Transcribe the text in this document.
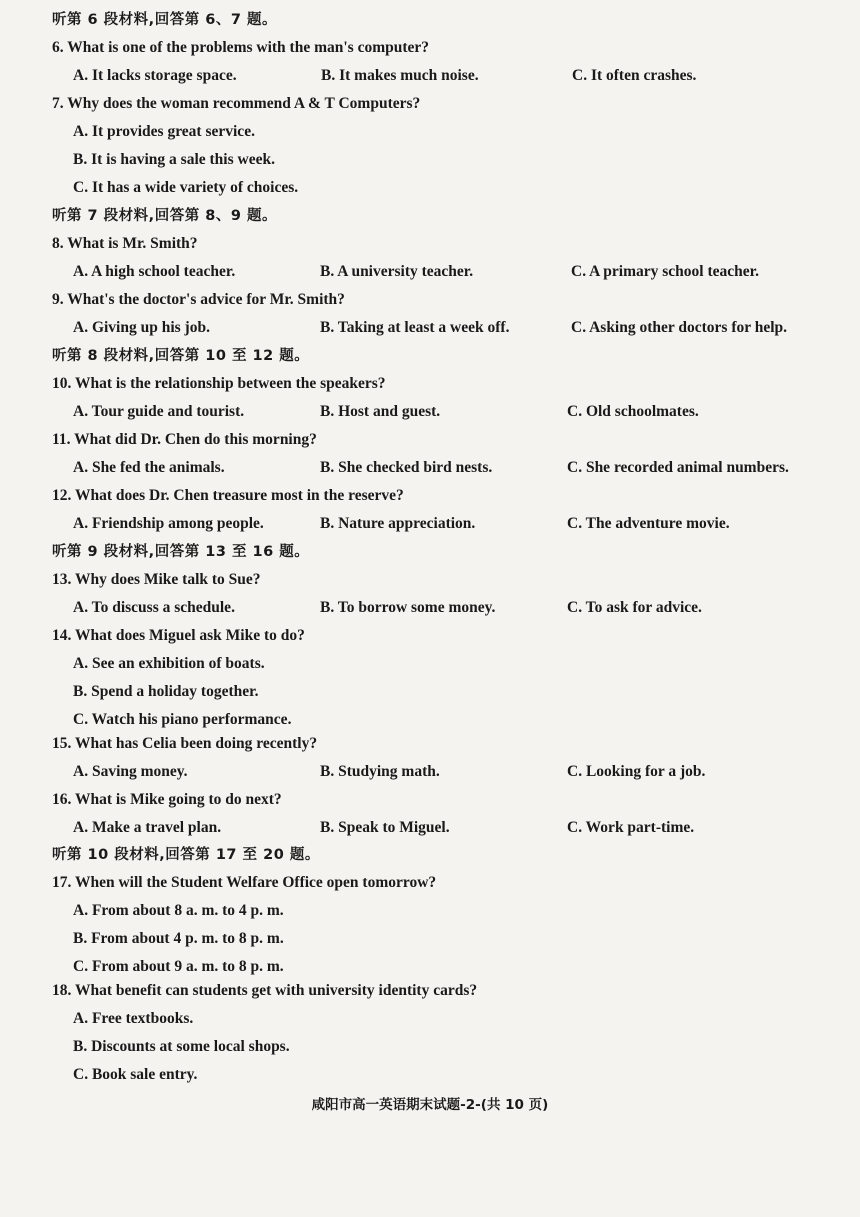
听第 6 段材料,回答第 6、7 题。
听第 7 段材料,回答第 8、9 题。
听第 8 段材料,回答第 10 至 12 题。
听第 9 段材料,回答第 13 至 16 题。
听第 10 段材料,回答第 17 至 20 题。
6. What is one of the problems with the man's computer?
A. It lacks storage space.	B. It makes much noise.	C. It often crashes.
7. Why does the woman recommend A & T Computers?
A. It provides great service.
B. It is having a sale this week.
C. It has a wide variety of choices.
8. What is Mr. Smith?
A. A high school teacher.	B. A university teacher.	C. A primary school teacher.
9. What's the doctor's advice for Mr. Smith?
A. Giving up his job.	B. Taking at least a week off.	C. Asking other doctors for help.
10. What is the relationship between the speakers?
A. Tour guide and tourist.	B. Host and guest.	C. Old schoolmates.
11. What did Dr. Chen do this morning?
A. She fed the animals.	B. She checked bird nests.	C. She recorded animal numbers.
12. What does Dr. Chen treasure most in the reserve?
A. Friendship among people.	B. Nature appreciation.	C. The adventure movie.
13. Why does Mike talk to Sue?
A. To discuss a schedule.	B. To borrow some money.	C. To ask for advice.
14. What does Miguel ask Mike to do?
A. See an exhibition of boats.
B. Spend a holiday together.
C. Watch his piano performance.
15. What has Celia been doing recently?
A. Saving money.	B. Studying math.	C. Looking for a job.
16. What is Mike going to do next?
A. Make a travel plan.	B. Speak to Miguel.	C. Work part-time.
17. When will the Student Welfare Office open tomorrow?
A. From about 8 a. m. to 4 p. m.
B. From about 4 p. m. to 8 p. m.
C. From about 9 a. m. to 8 p. m.
18. What benefit can students get with university identity cards?
A. Free textbooks.
B. Discounts at some local shops.
C. Book sale entry.
咸阳市高一英语期末试题-2-(共 10 页)
